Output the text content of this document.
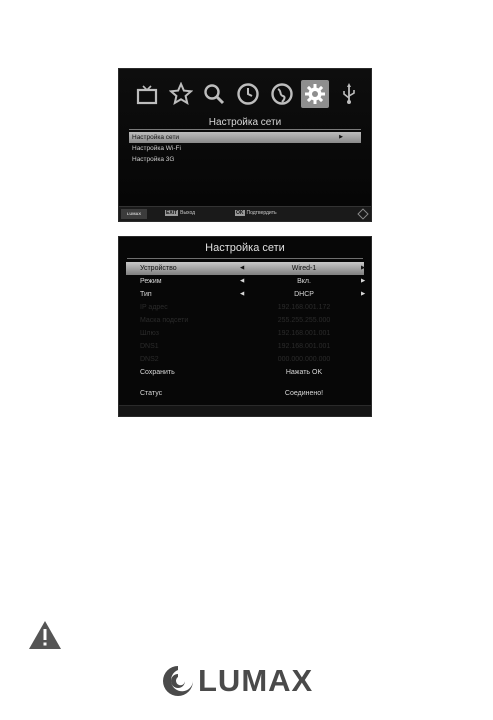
Настройка сети
Настройка сети	▶
Настройка Wi-Fi
Настройка 3G
LUMAX	EXIT Выход	OK Подтвердить
Настройка сети
Устройство	◀	Wired-1	▶
Режим	◀	Вкл.	▶
Тип	◀	DHCP	▶
IP адрес	192.168.001.172
Маска подсети	255.255.255.000
Шлюз	192.168.001.001
DNS1	192.168.001.001
DNS2	000.000.000.000
Сохранить	Нажать OK
Статус	Соединено!
LUMAX
